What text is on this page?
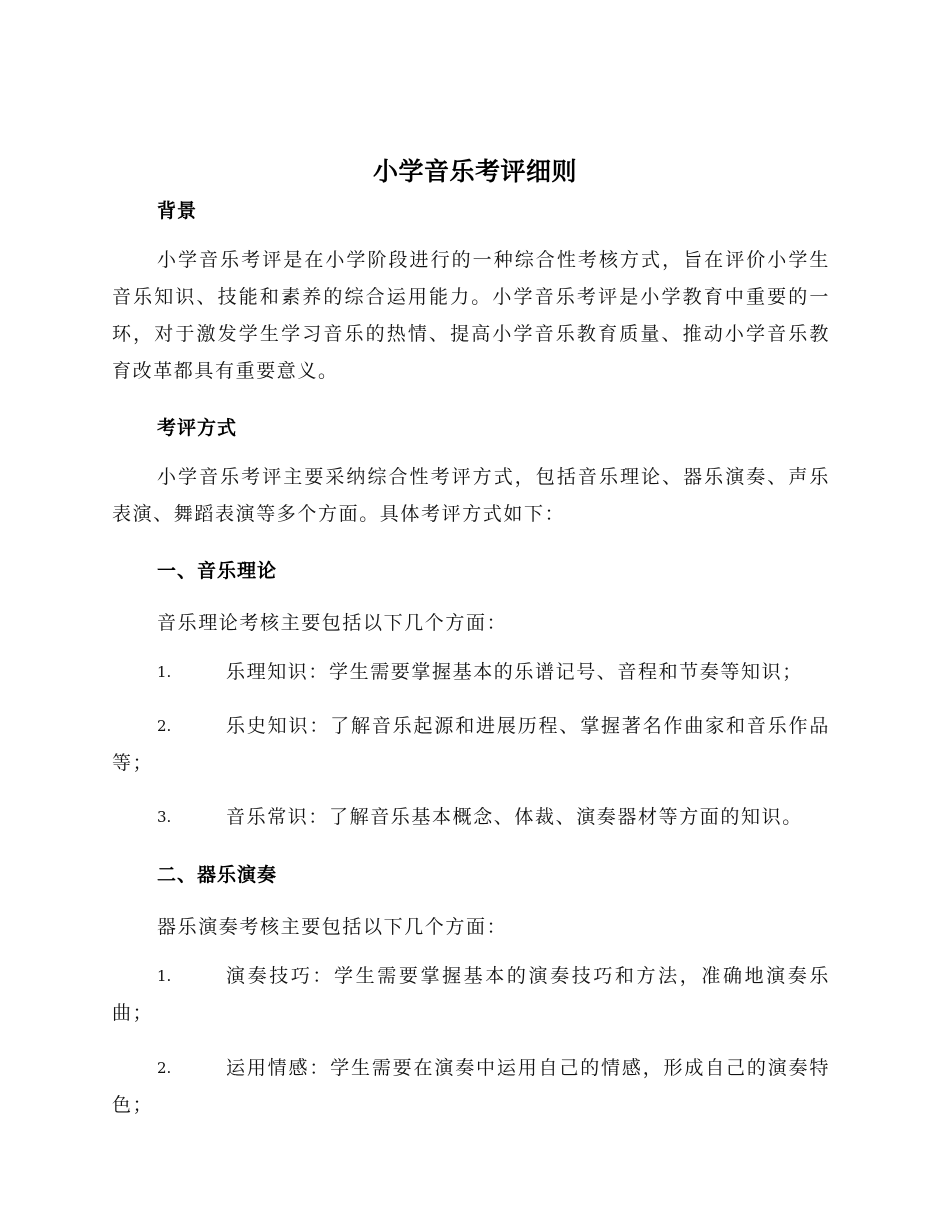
小学音乐考评细则
背景
小学音乐考评是在小学阶段进行的一种综合性考核方式，旨在评价小学生音乐知识、技能和素养的综合运用能力。小学音乐考评是小学教育中重要的一环，对于激发学生学习音乐的热情、提高小学音乐教育质量、推动小学音乐教育改革都具有重要意义。
考评方式
小学音乐考评主要采纳综合性考评方式，包括音乐理论、器乐演奏、声乐表演、舞蹈表演等多个方面。具体考评方式如下：
一、音乐理论
音乐理论考核主要包括以下几个方面：
1.	乐理知识：学生需要掌握基本的乐谱记号、音程和节奏等知识；
2.	乐史知识：了解音乐起源和进展历程、掌握著名作曲家和音乐作品等；
3.	音乐常识：了解音乐基本概念、体裁、演奏器材等方面的知识。
二、器乐演奏
器乐演奏考核主要包括以下几个方面：
1.	演奏技巧：学生需要掌握基本的演奏技巧和方法，准确地演奏乐曲；
2.	运用情感：学生需要在演奏中运用自己的情感，形成自己的演奏特色；
